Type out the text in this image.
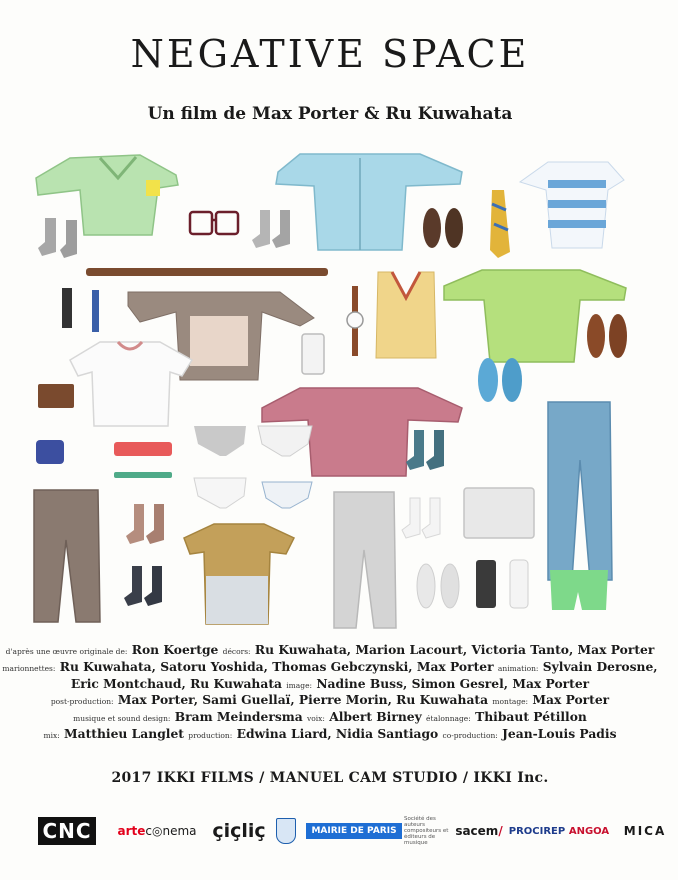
NEGATIVE SPACE
Un film de Max Porter & Ru Kuwahata
d'après une œuvre originale de: Ron Koertge décors: Ru Kuwahata, Marion Lacourt, Victoria Tanto, Max Porter
marionnettes: Ru Kuwahata, Satoru Yoshida, Thomas Gebczynski, Max Porter animation: Sylvain Derosne,
Eric Montchaud, Ru Kuwahata image: Nadine Buss, Simon Gesrel, Max Porter
post-production: Max Porter, Sami Guellaï, Pierre Morin, Ru Kuwahata montage: Max Porter
musique et sound design: Bram Meindersma voix: Albert Birney étalonnage: Thibaut Pétillon
mix: Matthieu Langlet production: Edwina Liard, Nidia Santiago co-production: Jean-Louis Padis
2017 IKKI FILMS / MANUEL CAM STUDIO / IKKI Inc.
CNC	arte c◎nema çiçliç	MAIRIE DE PARIS
Société des auteurs compositeurs et éditeurs de musique
sacem / PROCIREP ANGOA	MICA
